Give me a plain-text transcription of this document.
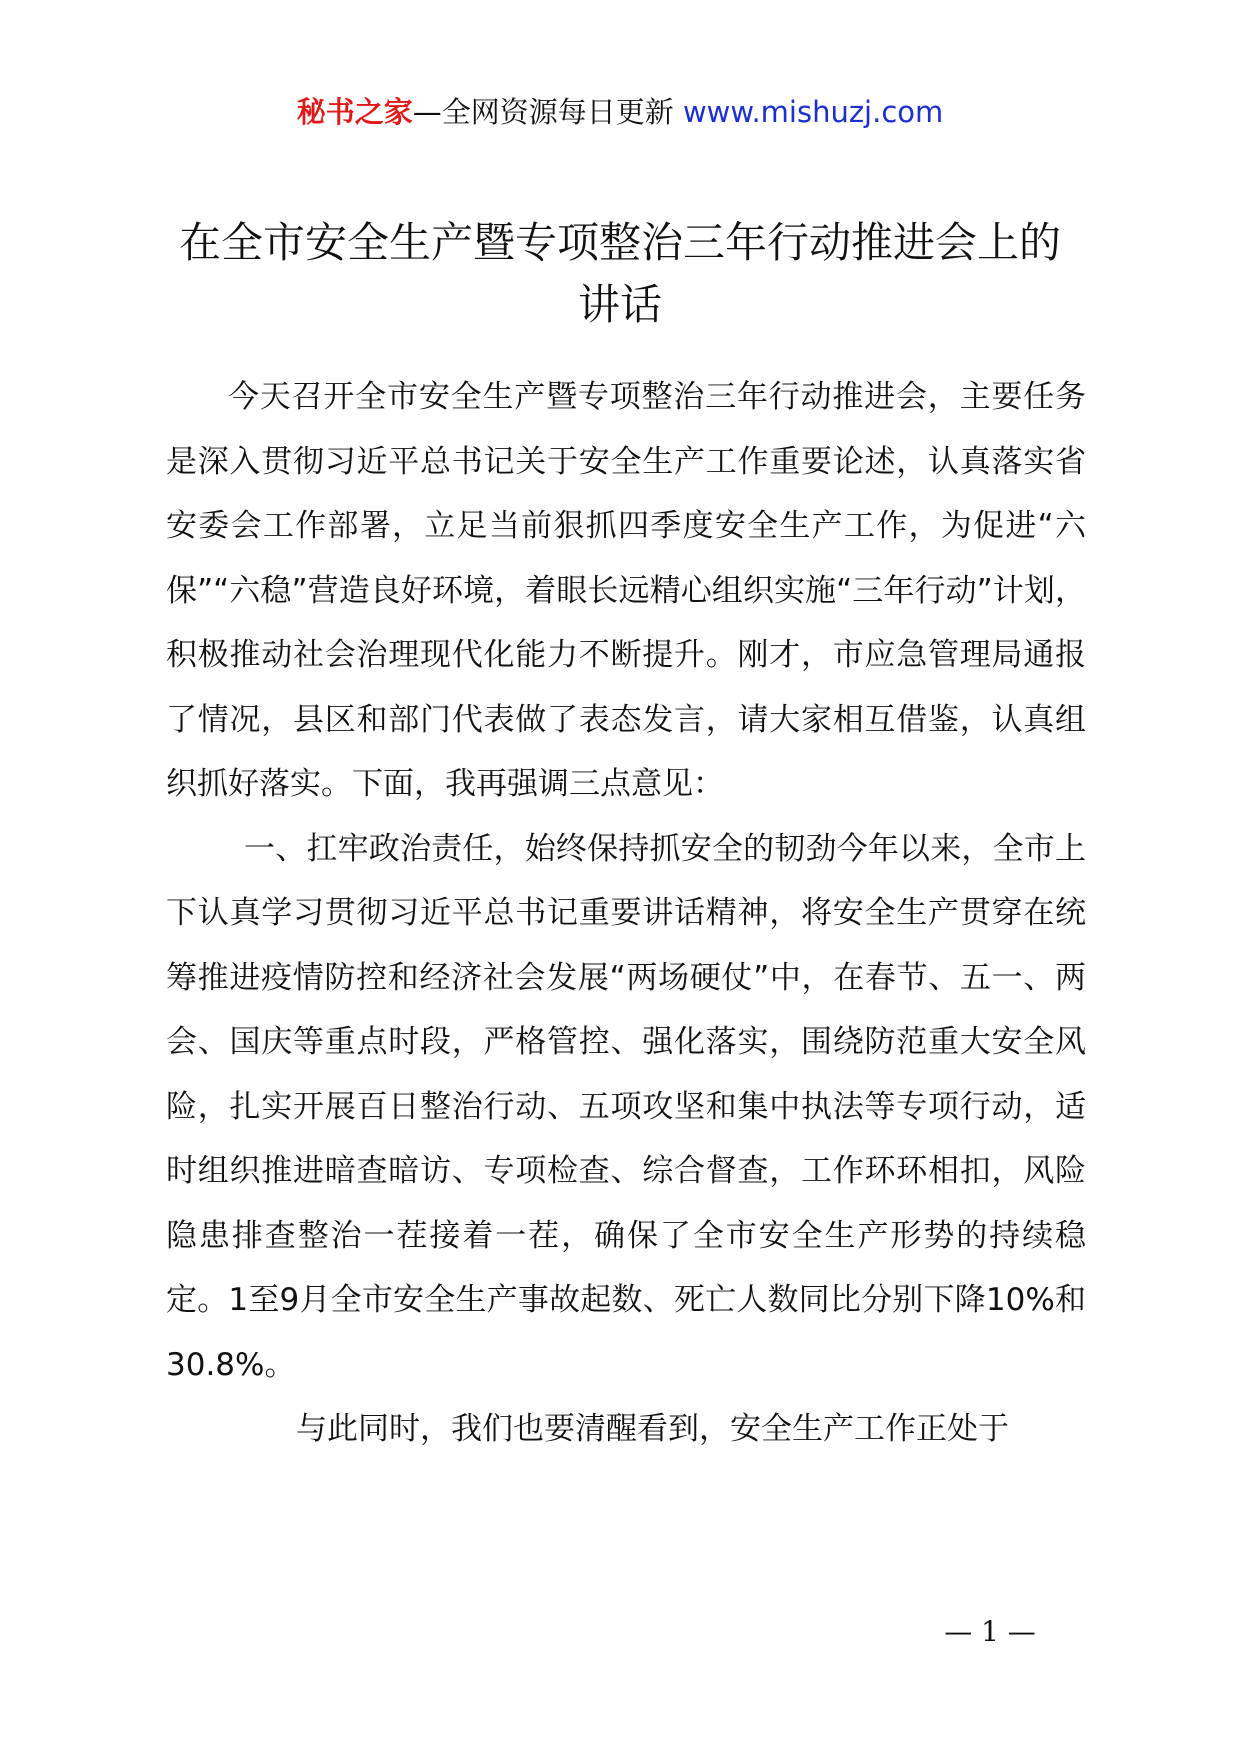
秘书之家—全网资源每日更新 www.mishuzj.com
在全市安全生产暨专项整治三年行动推进会上的讲话

今天召开全市安全生产暨专项整治三年行动推进会，主要任务是深入贯彻习近平总书记关于安全生产工作重要论述，认真落实省安委会工作部署，立足当前狠抓四季度安全生产工作，为促进“六保”“六稳”营造良好环境，着眼长远精心组织实施“三年行动”计划，积极推动社会治理现代化能力不断提升。刚才，市应急管理局通报了情况，县区和部门代表做了表态发言，请大家相互借鉴，认真组织抓好落实。下面，我再强调三点意见：

一、扛牢政治责任，始终保持抓安全的韧劲今年以来，全市上下认真学习贯彻习近平总书记重要讲话精神，将安全生产贯穿在统筹推进疫情防控和经济社会发展“两场硬仗”中，在春节、五一、两会、国庆等重点时段，严格管控、强化落实，围绕防范重大安全风险，扎实开展百日整治行动、五项攻坚和集中执法等专项行动，适时组织推进暗查暗访、专项检查、综合督查，工作环环相扣，风险隐患排查整治一茬接着一茬，确保了全市安全生产形势的持续稳定。1至9月全市安全生产事故起数、死亡人数同比分别下降10%和30.8%。

与此同时，我们也要清醒看到，安全生产工作正处于

— 1 —
